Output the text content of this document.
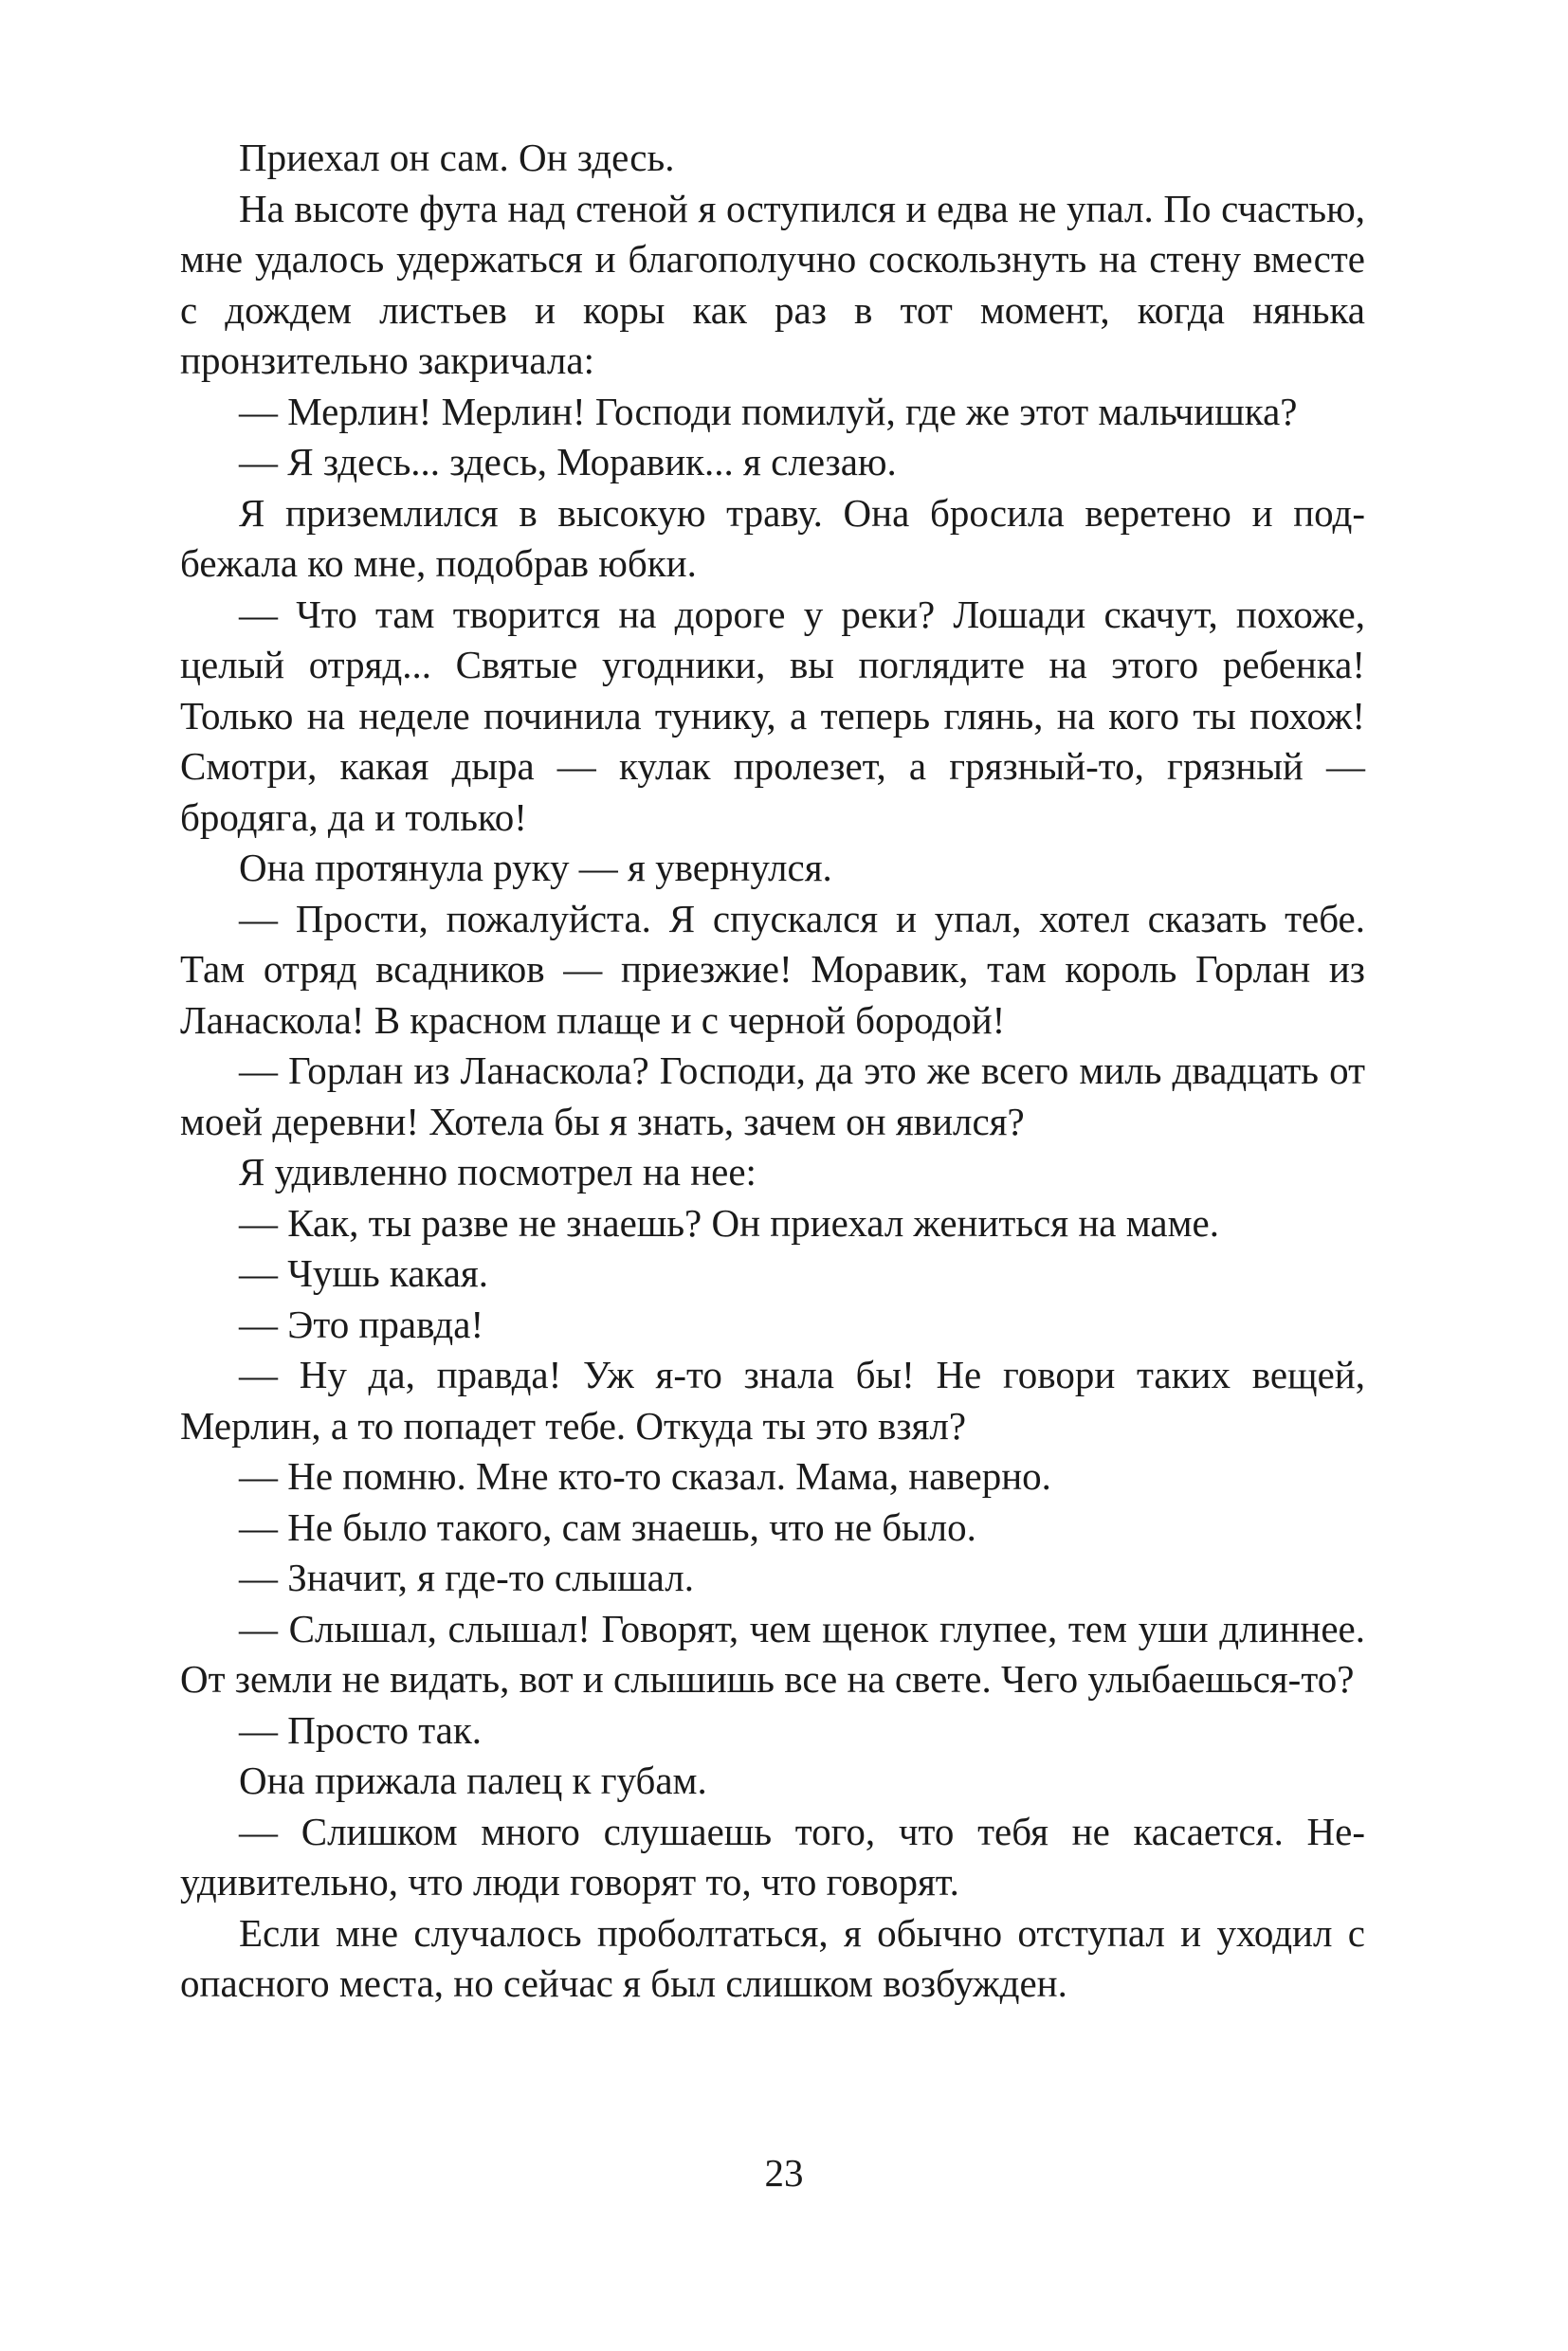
Приехал он сам. Он здесь.

На высоте фута над стеной я оступился и едва не упал. По счастью, мне удалось удержаться и благополучно соскользнуть на стену вместе с дождем листьев и коры как раз в тот момент, когда нянька пронзительно закричала:

— Мерлин! Мерлин! Господи помилуй, где же этот мальчишка?

— Я здесь... здесь, Моравик... я слезаю.

Я приземлился в высокую траву. Она бросила веретено и подбежала ко мне, подобрав юбки.

— Что там творится на дороге у реки? Лошади скачут, похоже, целый отряд... Святые угодники, вы поглядите на этого ребенка! Только на неделе починила тунику, а теперь глянь, на кого ты похож! Смотри, какая дыра — кулак пролезет, а грязный-то, грязный — бродяга, да и только!

Она протянула руку — я увернулся.

— Прости, пожалуйста. Я спускался и упал, хотел сказать тебе. Там отряд всадников — приезжие! Моравик, там король Горлан из Ланаскола! В красном плаще и с черной бородой!

— Горлан из Ланаскола? Господи, да это же всего миль двадцать от моей деревни! Хотела бы я знать, зачем он явился?

Я удивленно посмотрел на нее:

— Как, ты разве не знаешь? Он приехал жениться на маме.

— Чушь какая.

— Это правда!

— Ну да, правда! Уж я-то знала бы! Не говори таких вещей, Мерлин, а то попадет тебе. Откуда ты это взял?

— Не помню. Мне кто-то сказал. Мама, наверно.

— Не было такого, сам знаешь, что не было.

— Значит, я где-то слышал.

— Слышал, слышал! Говорят, чем щенок глупее, тем уши длиннее. От земли не видать, вот и слышишь все на свете. Чего улыбаешься-то?

— Просто так.

Она прижала палец к губам.

— Слишком много слушаешь того, что тебя не касается. Неудивительно, что люди говорят то, что говорят.

Если мне случалось проболтаться, я обычно отступал и уходил с опасного места, но сейчас я был слишком возбужден.

23
